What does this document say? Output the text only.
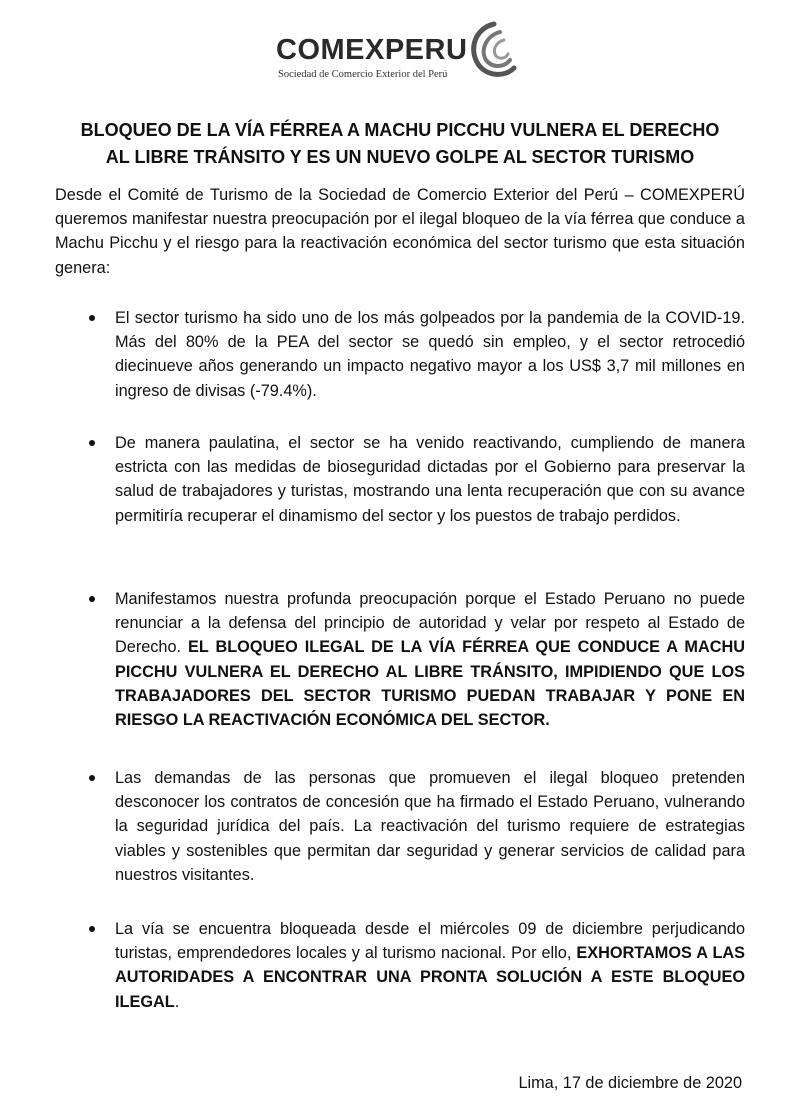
COMEXPERU
Sociedad de Comercio Exterior del Perú
BLOQUEO DE LA VÍA FÉRREA A MACHU PICCHU VULNERA EL DERECHO
AL LIBRE TRÁNSITO Y ES UN NUEVO GOLPE AL SECTOR TURISMO

Desde el Comité de Turismo de la Sociedad de Comercio Exterior del Perú – COMEXPERÚ queremos manifestar nuestra preocupación por el ilegal bloqueo de la vía férrea que conduce a Machu Picchu y el riesgo para la reactivación económica del sector turismo que esta situación genera:

El sector turismo ha sido uno de los más golpeados por la pandemia de la COVID-19. Más del 80% de la PEA del sector se quedó sin empleo, y el sector retrocedió diecinueve años generando un impacto negativo mayor a los US$ 3,7 mil millones en ingreso de divisas (-79.4%).
De manera paulatina, el sector se ha venido reactivando, cumpliendo de manera estricta con las medidas de bioseguridad dictadas por el Gobierno para preservar la salud de trabajadores y turistas, mostrando una lenta recuperación que con su avance permitiría recuperar el dinamismo del sector y los puestos de trabajo perdidos.
Manifestamos nuestra profunda preocupación porque el Estado Peruano no puede renunciar a la defensa del principio de autoridad y velar por respeto al Estado de Derecho. EL BLOQUEO ILEGAL DE LA VÍA FÉRREA QUE CONDUCE A MACHU PICCHU VULNERA EL DERECHO AL LIBRE TRÁNSITO, IMPIDIENDO QUE LOS TRABAJADORES DEL SECTOR TURISMO PUEDAN TRABAJAR Y PONE EN RIESGO LA REACTIVACIÓN ECONÓMICA DEL SECTOR.
Las demandas de las personas que promueven el ilegal bloqueo pretenden desconocer los contratos de concesión que ha firmado el Estado Peruano, vulnerando la seguridad jurídica del país. La reactivación del turismo requiere de estrategias viables y sostenibles que permitan dar seguridad y generar servicios de calidad para nuestros visitantes.
La vía se encuentra bloqueada desde el miércoles 09 de diciembre perjudicando turistas, emprendedores locales y al turismo nacional. Por ello, EXHORTAMOS A LAS AUTORIDADES A ENCONTRAR UNA PRONTA SOLUCIÓN A ESTE BLOQUEO ILEGAL.
Lima, 17 de diciembre de 2020
